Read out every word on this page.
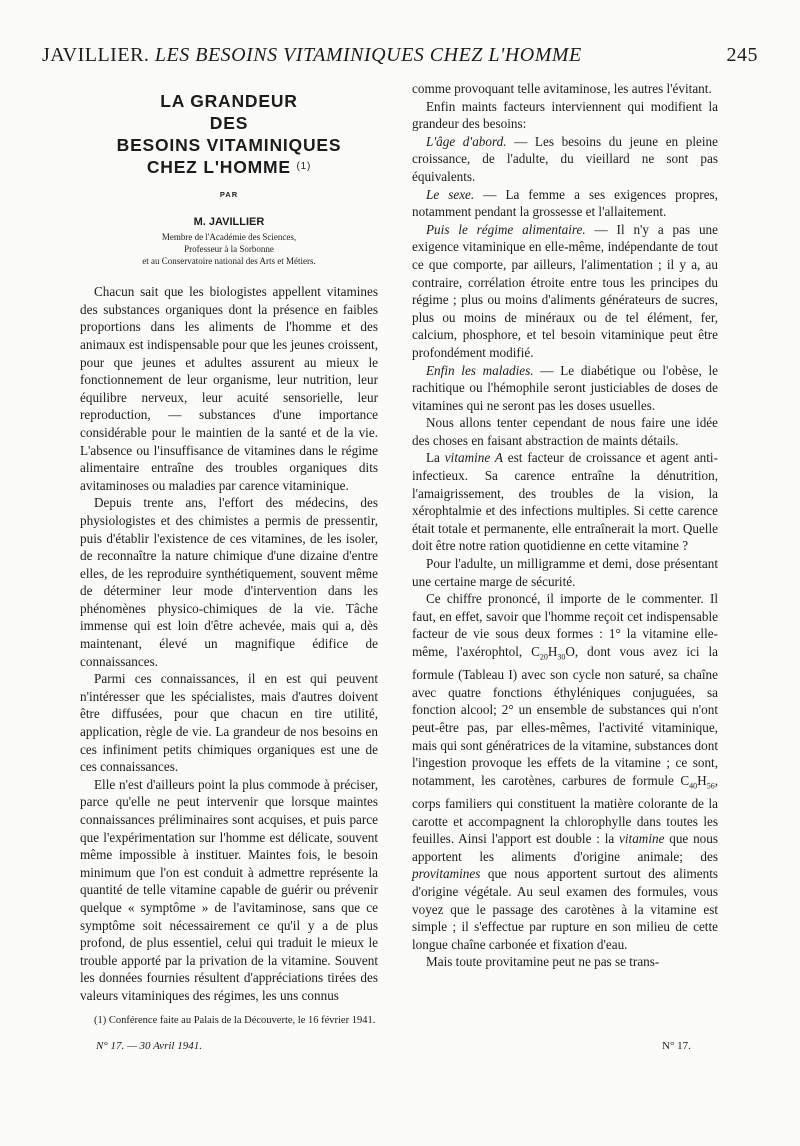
JAVILLIER. LES BESOINS VITAMINIQUES CHEZ L'HOMME	245
LA GRANDEUR
DES
BESOINS VITAMINIQUES
CHEZ L'HOMME $^{(1)}$
PAR
M. JAVILLIER
Membre de l'Académie des Sciences,
Professeur à la Sorbonne
et au Conservatoire national des Arts et Métiers.

Chacun sait que les biologistes appellent vitamines des substances organiques dont la présence en faibles proportions dans les aliments de l'homme et des animaux est indispensable pour que les jeunes croissent, pour que jeunes et adultes assurent au mieux le fonctionnement de leur organisme, leur nutrition, leur équilibre nerveux, leur acuité sensorielle, leur reproduction, — substances d'une importance considérable pour le maintien de la santé et de la vie. L'absence ou l'insuffisance de vitamines dans le régime alimentaire entraîne des troubles organiques dits avitaminoses ou maladies par carence vitaminique.

Depuis trente ans, l'effort des médecins, des physiologistes et des chimistes a permis de pressentir, puis d'établir l'existence de ces vitamines, de les isoler, de reconnaître la nature chimique d'une dizaine d'entre elles, de les reproduire synthétiquement, souvent même de déterminer leur mode d'intervention dans les phénomènes physico-chimiques de la vie. Tâche immense qui est loin d'être achevée, mais qui a, dès maintenant, élevé un magnifique édifice de connaissances.

Parmi ces connaissances, il en est qui peuvent n'intéresser que les spécialistes, mais d'autres doivent être diffusées, pour que chacun en tire utilité, application, règle de vie. La grandeur de nos besoins en ces infiniment petits chimiques organiques est une de ces connaissances.

Elle n'est d'ailleurs point la plus commode à préciser, parce qu'elle ne peut intervenir que lorsque maintes connaissances préliminaires sont acquises, et puis parce que l'expérimentation sur l'homme est délicate, souvent même impossible à instituer. Maintes fois, le besoin minimum que l'on est conduit à admettre représente la quantité de telle vitamine capable de guérir ou prévenir quelque « symptôme » de l'avitaminose, sans que ce symptôme soit nécessairement ce qu'il y a de plus profond, de plus essentiel, celui qui traduit le mieux le trouble apporté par la privation de la vitamine. Souvent les données fournies résultent d'appréciations tirées des valeurs vitaminiques des régimes, les uns connus

(1) Conférence faite au Palais de la Découverte, le 16 février 1941.
N° 17. — 30 Avril 1941.	N° 17.

comme provoquant telle avitaminose, les autres l'évitant.

Enfin maints facteurs interviennent qui modifient la grandeur des besoins:

L'âge d'abord. — Les besoins du jeune en pleine croissance, de l'adulte, du vieillard ne sont pas équivalents.

Le sexe. — La femme a ses exigences propres, notamment pendant la grossesse et l'allaitement.

Puis le régime alimentaire. — Il n'y a pas une exigence vitaminique en elle-même, indépendante de tout ce que comporte, par ailleurs, l'alimentation ; il y a, au contraire, corrélation étroite entre tous les principes du régime ; plus ou moins d'aliments générateurs de sucres, plus ou moins de minéraux ou de tel élément, fer, calcium, phosphore, et tel besoin vitaminique peut être profondément modifié.

Enfin les maladies. — Le diabétique ou l'obèse, le rachitique ou l'hémophile seront justiciables de doses de vitamines qui ne seront pas les doses usuelles.

Nous allons tenter cependant de nous faire une idée des choses en faisant abstraction de maints détails.

La vitamine A est facteur de croissance et agent anti-infectieux. Sa carence entraîne la dénutrition, l'amaigrissement, des troubles de la vision, la xérophtalmie et des infections multiples. Si cette carence était totale et permanente, elle entraînerait la mort. Quelle doit être notre ration quotidienne en cette vitamine ?

Pour l'adulte, un milligramme et demi, dose présentant une certaine marge de sécurité.

Ce chiffre prononcé, il importe de le commenter. Il faut, en effet, savoir que l'homme reçoit cet indispensable facteur de vie sous deux formes : 1° la vitamine elle-même, l'axérophtol, $C_{20}H_{30}O$, dont vous avez ici la formule (Tableau I) avec son cycle non saturé, sa chaîne avec quatre fonctions éthyléniques conjuguées, sa fonction alcool; 2° un ensemble de substances qui n'ont peut-être pas, par elles-mêmes, l'activité vitaminique, mais qui sont génératrices de la vitamine, substances dont l'ingestion provoque les effets de la vitamine ; ce sont, notamment, les carotènes, carbures de formule $C_{40}H_{56}$, corps familiers qui constituent la matière colorante de la carotte et accompagnent la chlorophylle dans toutes les feuilles. Ainsi l'apport est double : la vitamine que nous apportent les aliments d'origine animale; des provitamines que nous apportent surtout des aliments d'origine végétale. Au seul examen des formules, vous voyez que le passage des carotènes à la vitamine est simple ; il s'effectue par rupture en son milieu de cette longue chaîne carbonée et fixation d'eau.

Mais toute provitamine peut ne pas se trans-
